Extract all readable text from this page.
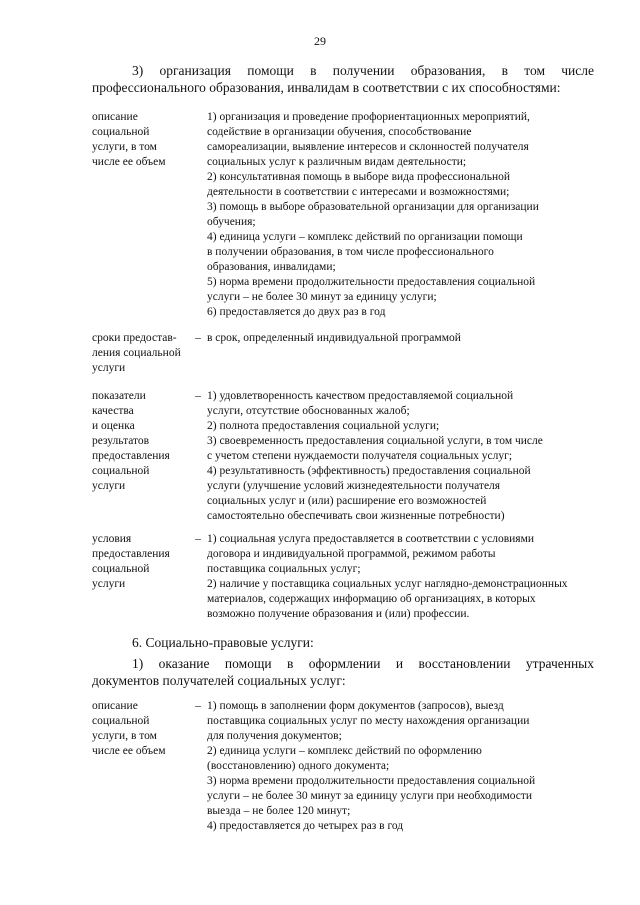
29
3) организация помощи в получении образования, в том числе
профессионального образования, инвалидам в соответствии с их способностями:
описание
социальной
услуги, в том
числе ее объем
1) организация и проведение профориентационных мероприятий,
содействие в организации обучения, способствование
самореализации, выявление интересов и склонностей получателя
социальных услуг к различным видам деятельности;
2) консультативная помощь в выборе вида профессиональной
деятельности в соответствии с интересами и возможностями;
3) помощь в выборе образовательной организации для организации
обучения;
4) единица услуги – комплекс действий по организации помощи
в получении образования, в том числе профессионального
образования, инвалидами;
5) норма времени продолжительности предоставления социальной
услуги – не более 30 минут за единицу услуги;
6) предоставляется до двух раз в год
сроки предостав-
ления социальной
услуги
– в срок, определенный индивидуальной программой
показатели
качества
и оценка
результатов
предоставления
социальной
услуги
– 1) удовлетворенность качеством предоставляемой социальной
услуги, отсутствие обоснованных жалоб;
2) полнота предоставления социальной услуги;
3) своевременность предоставления социальной услуги, в том числе
с учетом степени нуждаемости получателя социальных услуг;
4) результативность (эффективность) предоставления социальной
услуги (улучшение условий жизнедеятельности получателя
социальных услуг и (или) расширение его возможностей
самостоятельно обеспечивать свои жизненные потребности)
условия
предоставления
социальной
услуги
– 1) социальная услуга предоставляется в соответствии с условиями
договора и индивидуальной программой, режимом работы
поставщика социальных услуг;
2) наличие у поставщика социальных услуг наглядно-демонстрационных
материалов, содержащих информацию об организациях, в которых
возможно получение образования и (или) профессии.
6. Социально-правовые услуги:
1) оказание помощи в оформлении и восстановлении утраченных
документов получателей социальных услуг:
описание
социальной
услуги, в том
числе ее объем
– 1) помощь в заполнении форм документов (запросов), выезд
поставщика социальных услуг по месту нахождения организации
для получения документов;
2) единица услуги – комплекс действий по оформлению
(восстановлению) одного документа;
3) норма времени продолжительности предоставления социальной
услуги – не более 30 минут за единицу услуги при необходимости
выезда – не более 120 минут;
4) предоставляется до четырех раз в год
